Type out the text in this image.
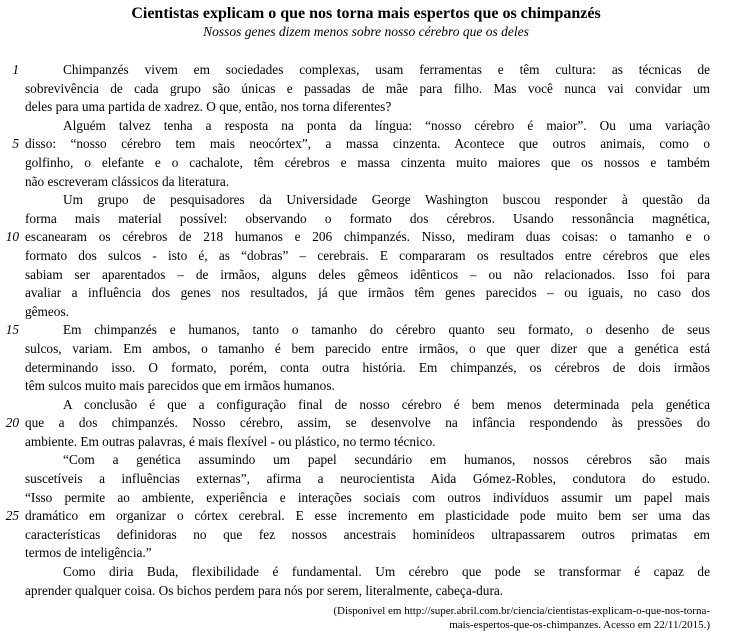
Cientistas explicam o que nos torna mais espertos que os chimpanzés
Nossos genes dizem menos sobre nosso cérebro que os deles
1	Chimpanzés vivem em sociedades complexas, usam ferramentas e têm cultura: as técnicas de
sobrevivência de cada grupo são únicas e passadas de mãe para filho. Mas você nunca vai convidar um
deles para uma partida de xadrez. O que, então, nos torna diferentes?
Alguém talvez tenha a resposta na ponta da língua: “nosso cérebro é maior”. Ou uma variação
5 disso: “nosso cérebro tem mais neocórtex”, a massa cinzenta. Acontece que outros animais, como o
golfinho, o elefante e o cachalote, têm cérebros e massa cinzenta muito maiores que os nossos e também
não escreveram clássicos da literatura.
Um grupo de pesquisadores da Universidade George Washington buscou responder à questão da
forma mais material possível: observando o formato dos cérebros. Usando ressonância magnética,
10 escanearam os cérebros de 218 humanos e 206 chimpanzés. Nisso, mediram duas coisas: o tamanho e o
formato dos sulcos - isto é, as “dobras” – cerebrais. E compararam os resultados entre cérebros que eles
sabiam ser aparentados – de irmãos, alguns deles gêmeos idênticos – ou não relacionados. Isso foi para
avaliar a influência dos genes nos resultados, já que irmãos têm genes parecidos – ou iguais, no caso dos
gêmeos.
15	Em chimpanzés e humanos, tanto o tamanho do cérebro quanto seu formato, o desenho de seus
sulcos, variam. Em ambos, o tamanho é bem parecido entre irmãos, o que quer dizer que a genética está
determinando isso. O formato, porém, conta outra história. Em chimpanzés, os cérebros de dois irmãos
têm sulcos muito mais parecidos que em irmãos humanos.
A conclusão é que a configuração final de nosso cérebro é bem menos determinada pela genética
20 que a dos chimpanzés. Nosso cérebro, assim, se desenvolve na infância respondendo às pressões do
ambiente. Em outras palavras, é mais flexível - ou plástico, no termo técnico.
“Com a genética assumindo um papel secundário em humanos, nossos cérebros são mais
suscetíveis a influências externas”, afirma a neurocientista Aida Gómez-Robles, condutora do estudo.
“Isso permite ao ambiente, experiência e interações sociais com outros indivíduos assumir um papel mais
25 dramático em organizar o córtex cerebral. E esse incremento em plasticidade pode muito bem ser uma das
características definidoras no que fez nossos ancestrais hominídeos ultrapassarem outros primatas em
termos de inteligência.”
Como diria Buda, flexibilidade é fundamental. Um cérebro que pode se transformar é capaz de
aprender qualquer coisa. Os bichos perdem para nós por serem, literalmente, cabeça-dura.
(Disponível em http://super.abril.com.br/ciencia/cientistas-explicam-o-que-nos-torna-
mais-espertos-que-os-chimpanzes. Acesso em 22/11/2015.)
